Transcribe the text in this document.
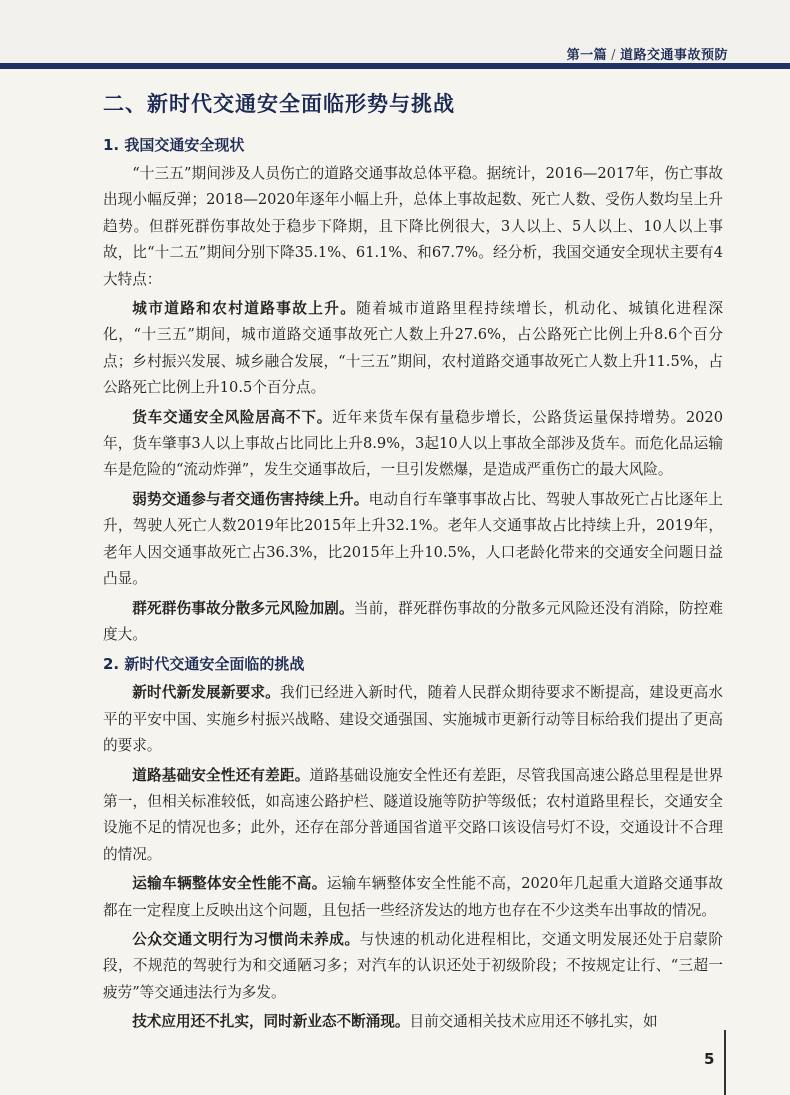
第一篇 / 道路交通事故预防
二、新时代交通安全面临形势与挑战
1. 我国交通安全现状

“十三五”期间涉及人员伤亡的道路交通事故总体平稳。据统计，2016—2017年，伤亡事故出现小幅反弹；2018—2020年逐年小幅上升，总体上事故起数、死亡人数、受伤人数均呈上升趋势。但群死群伤事故处于稳步下降期，且下降比例很大，3人以上、5人以上、10人以上事故，比“十二五”期间分别下降35.1%、61.1%、和67.7%。经分析，我国交通安全现状主要有4大特点：

城市道路和农村道路事故上升。随着城市道路里程持续增长，机动化、城镇化进程深化，“十三五”期间，城市道路交通事故死亡人数上升27.6%，占公路死亡比例上升8.6个百分点；乡村振兴发展、城乡融合发展，“十三五”期间，农村道路交通事故死亡人数上升11.5%，占公路死亡比例上升10.5个百分点。

货车交通安全风险居高不下。近年来货车保有量稳步增长，公路货运量保持增势。2020年，货车肇事3人以上事故占比同比上升8.9%，3起10人以上事故全部涉及货车。而危化品运输车是危险的“流动炸弹”，发生交通事故后，一旦引发燃爆，是造成严重伤亡的最大风险。

弱势交通参与者交通伤害持续上升。电动自行车肇事事故占比、驾驶人事故死亡占比逐年上升，驾驶人死亡人数2019年比2015年上升32.1%。老年人交通事故占比持续上升，2019年，老年人因交通事故死亡占36.3%，比2015年上升10.5%，人口老龄化带来的交通安全问题日益凸显。

群死群伤事故分散多元风险加剧。当前，群死群伤事故的分散多元风险还没有消除，防控难度大。

2. 新时代交通安全面临的挑战

新时代新发展新要求。我们已经进入新时代，随着人民群众期待要求不断提高，建设更高水平的平安中国、实施乡村振兴战略、建设交通强国、实施城市更新行动等目标给我们提出了更高的要求。

道路基础安全性还有差距。道路基础设施安全性还有差距，尽管我国高速公路总里程是世界第一，但相关标准较低，如高速公路护栏、隧道设施等防护等级低；农村道路里程长，交通安全设施不足的情况也多；此外，还存在部分普通国省道平交路口该设信号灯不设，交通设计不合理的情况。

运输车辆整体安全性能不高。运输车辆整体安全性能不高，2020年几起重大道路交通事故都在一定程度上反映出这个问题，且包括一些经济发达的地方也存在不少这类车出事故的情况。

公众交通文明行为习惯尚未养成。与快速的机动化进程相比，交通文明发展还处于启蒙阶段，不规范的驾驶行为和交通陋习多；对汽车的认识还处于初级阶段；不按规定让行、“三超一疲劳”等交通违法行为多发。

技术应用还不扎实，同时新业态不断涌现。目前交通相关技术应用还不够扎实，如

5
